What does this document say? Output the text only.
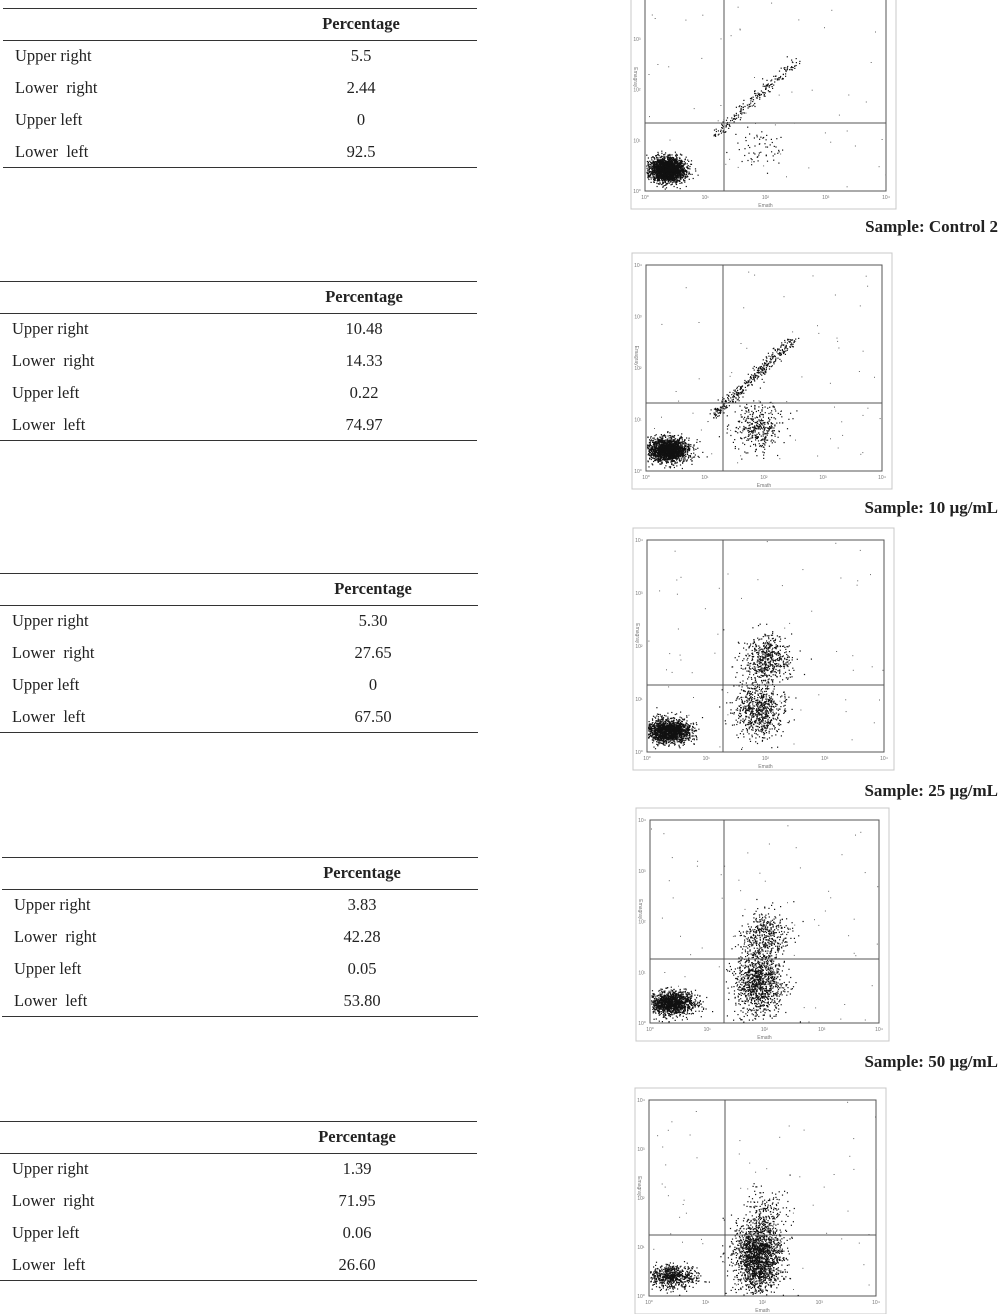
Percentage
Upper right	5.5
Lower  right	2.44
Upper left	0
Lower  left	92.5
10⁰
10⁰
10¹
10¹
10²
10²
10³
10³
10⁴
Emath
Emagray
Sample: Control 2
Percentage
Upper right	10.48
Lower  right	14.33
Upper left	0.22
Lower  left	74.97
10⁰
10⁰
10¹
10¹
10²
10²
10³
10³
10⁴
10⁴
Emath
Emagray
Sample: 10 µg/mL
Percentage
Upper right	5.30
Lower  right	27.65
Upper left	0
Lower  left	67.50
10⁰
10⁰
10¹
10¹
10²
10²
10³
10³
10⁴
10⁴
Emath
Emagray
Sample: 25 µg/mL
Percentage
Upper right	3.83
Lower  right	42.28
Upper left	0.05
Lower  left	53.80
10⁰
10⁰
10¹
10¹
10²
10²
10³
10³
10⁴
10⁴
Emath
Emagray
Sample: 50 µg/mL
Percentage
Upper right	1.39
Lower  right	71.95
Upper left	0.06
Lower  left	26.60
10⁰
10⁰
10¹
10¹
10²
10²
10³
10³
10⁴
10⁴
Emath
Emagray
